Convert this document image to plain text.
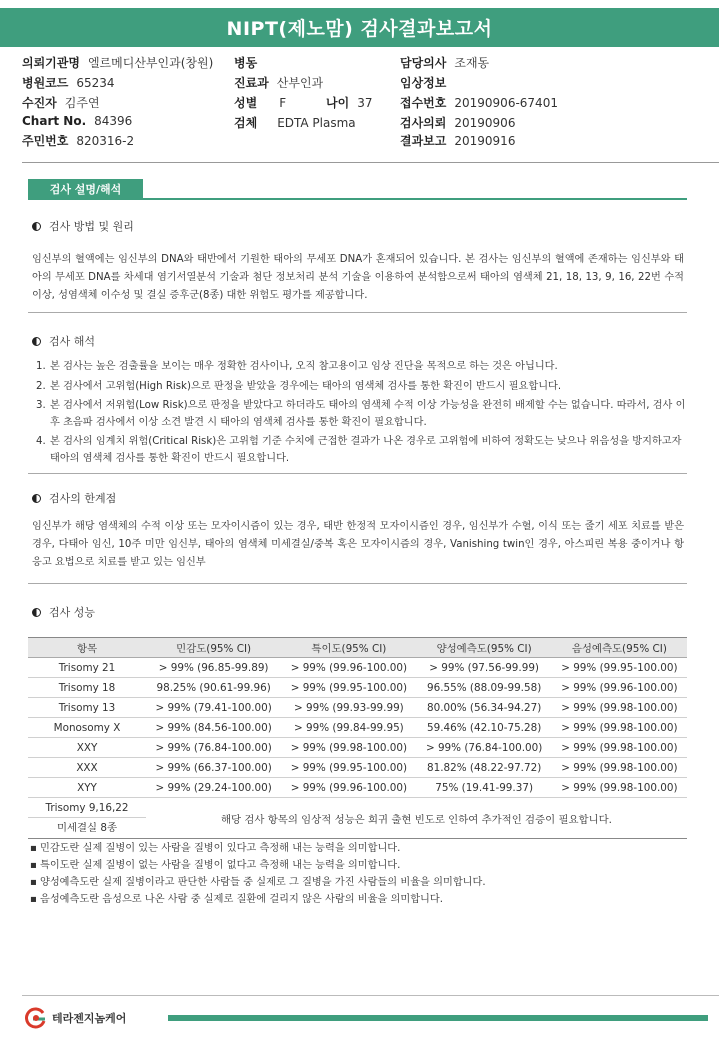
NIPT(제노맘) 검사결과보고서
의뢰기관명 엘르메디산부인과(창원) 병동	담당의사 조재동
병원코드 65234	진료과 산부인과	임상정보
수진자 김주연	성별 F	나이 37 접수번호 20190906-67401
Chart No. 84396	검체 EDTA Plasma	검사의뢰 20190906
주민번호 820316-2	결과보고 20190916
검사 설명/해석
검사 방법 및 원리
임신부의 혈액에는 임신부의 DNA와 태반에서 기원한 태아의 무세포 DNA가 혼재되어 있습니다. 본 검사는 임신부의 혈액에 존재하는 임신부와 태아의 무세포 DNA를 차세대 염기서열분석 기술과 첨단 정보처리 분석 기술을 이용하여 분석함으로써 태아의 염색체 21, 18, 13, 9, 16, 22번 수적 이상, 성염색체 이수성 및 결실 증후군(8종) 대한 위험도 평가를 제공합니다.
검사 해석
1. 본 검사는 높은 검출률을 보이는 매우 정확한 검사이나, 오직 참고용이고 임상 진단을 목적으로 하는 것은 아닙니다.
2. 본 검사에서 고위험(High Risk)으로 판정을 받았을 경우에는 태아의 염색체 검사를 통한 확진이 반드시 필요합니다.
3. 본 검사에서 저위험(Low Risk)으로 판정을 받았다고 하더라도 태아의 염색체 수적 이상 가능성을 완전히 배제할 수는 없습니다. 따라서, 검사 이후 초음파 검사에서 이상 소견 발견 시 태아의 염색체 검사를 통한 확진이 필요합니다.
4. 본 검사의 임계치 위험(Critical Risk)은 고위험 기준 수치에 근접한 결과가 나온 경우로 고위험에 비하여 정확도는 낮으나 위음성을 방지하고자 태아의 염색체 검사를 통한 확진이 반드시 필요합니다.
검사의 한계점
임신부가 해당 염색체의 수적 이상 또는 모자이시즘이 있는 경우, 태반 한정적 모자이시즘인 경우, 임신부가 수혈, 이식 또는 줄기 세포 치료를 받은 경우, 다태아 임신, 10주 미만 임신부, 태아의 염색체 미세결실/중복 혹은 모자이시즘의 경우, Vanishing twin인 경우, 아스피린 복용 중이거나 항 응고 요법으로 치료를 받고 있는 임신부
검사 성능
항목	민감도(95% CI)	특이도(95% CI)	양성예측도(95% CI)	음성예측도(95% CI)
Trisomy 21	> 99% (96.85-99.89)	> 99% (99.96-100.00)	> 99% (97.56-99.99)	> 99% (99.95-100.00)
Trisomy 18	98.25% (90.61-99.96)	> 99% (99.95-100.00)	96.55% (88.09-99.58)	> 99% (99.96-100.00)
Trisomy 13	> 99% (79.41-100.00)	> 99% (99.93-99.99)	80.00% (56.34-94.27)	> 99% (99.98-100.00)
Monosomy X	> 99% (84.56-100.00)	> 99% (99.84-99.95)	59.46% (42.10-75.28)	> 99% (99.98-100.00)
XXY	> 99% (76.84-100.00)	> 99% (99.98-100.00)	> 99% (76.84-100.00)	> 99% (99.98-100.00)
XXX	> 99% (66.37-100.00)	> 99% (99.95-100.00)	81.82% (48.22-97.72)	> 99% (99.98-100.00)
XYY	> 99% (29.24-100.00)	> 99% (99.96-100.00)	75% (19.41-99.37)	> 99% (99.98-100.00)

Trisomy 9,16,22
미세결실 8종	해당 검사 항목의 임상적 성능은 희귀 출현 빈도로 인하여 추가적인 검증이 필요합니다.			
▪ 민감도란 실제 질병이 있는 사람을 질병이 있다고 측정해 내는 능력을 의미합니다.
▪ 특이도란 실제 질병이 없는 사람을 질병이 없다고 측정해 내는 능력을 의미합니다.
▪ 양성예측도란 실제 질병이라고 판단한 사람들 중 실제로 그 질병을 가진 사람들의 비율을 의미합니다.
▪ 음성예측도란 음성으로 나온 사람 중 실제로 질환에 걸리지 않은 사람의 비율을 의미합니다.
테라젠지놈케어
